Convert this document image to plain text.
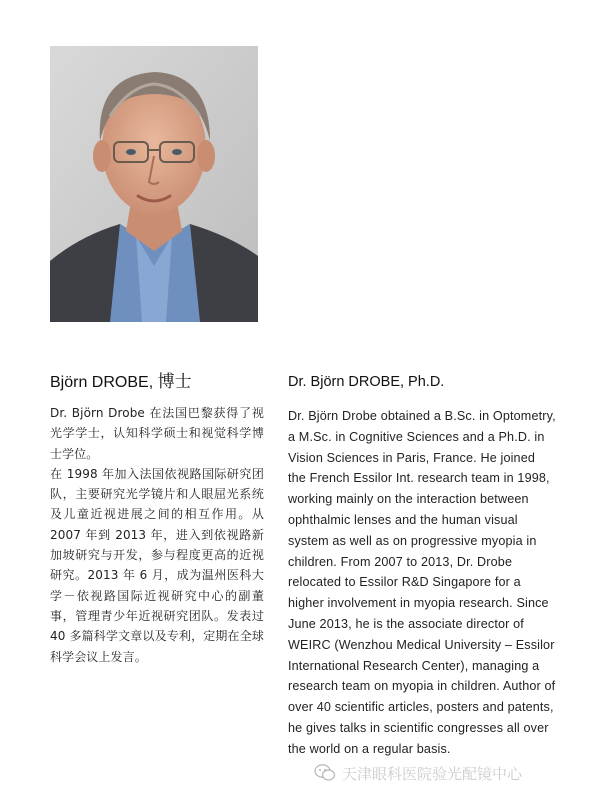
Björn DROBE, 博士

Dr. Björn Drobe 在法国巴黎获得了视光学学士，认知科学硕士和视觉科学博士学位。

在 1998 年加入法国依视路国际研究团队，主要研究光学镜片和人眼屈光系统及儿童近视进展之间的相互作用。从 2007 年到 2013 年，进入到依视路新加坡研究与开发，参与程度更高的近视研究。2013 年 6 月，成为温州医科大学－依视路国际近视研究中心的副董事，管理青少年近视研究团队。发表过 40 多篇科学文章以及专利，定期在全球科学会议上发言。

Dr. Björn DROBE, Ph.D.

Dr. Björn Drobe obtained a B.Sc. in Optometry, a M.Sc. in Cognitive Sciences and a Ph.D. in Vision Sciences in Paris, France. He joined the French Essilor Int. research team in 1998, working mainly on the interaction between ophthalmic lenses and the human visual system as well as on progressive myopia in children. From 2007 to 2013, Dr. Drobe relocated to Essilor R&D Singapore for a higher involvement in myopia research. Since June 2013, he is the associate director of WEIRC (Wenzhou Medical University – Essilor International Research Center), managing a research team on myopia in children. Author of over 40 scientific articles, posters and patents, he gives talks in scientific congresses all over the world on a regular basis.

天津眼科医院验光配镜中心
